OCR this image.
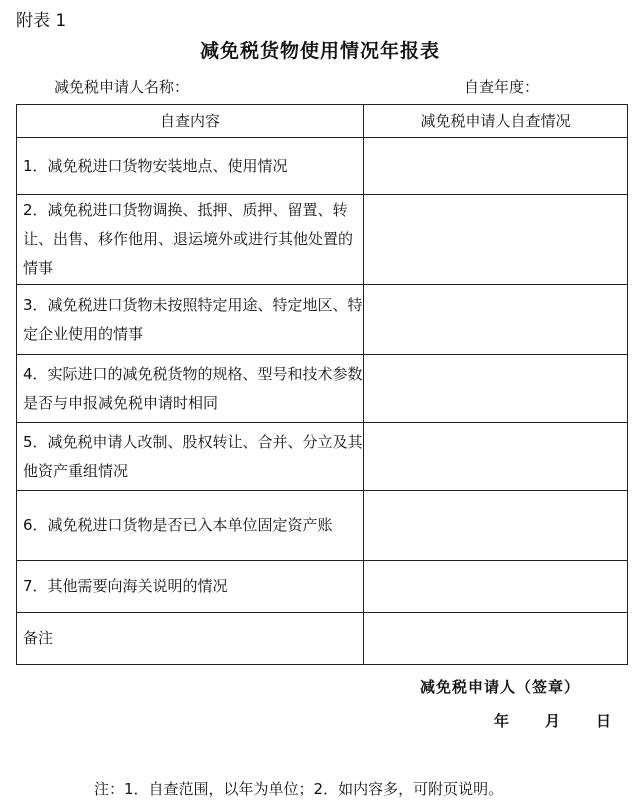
附表 1
减免税货物使用情况年报表
减免税申请人名称：	自查年度：
自查内容	减免税申请人自查情况
1．减免税进口货物安装地点、使用情况	
2．减免税进口货物调换、抵押、质押、留置、转让、出售、移作他用、退运境外或进行其他处置的情事	
3．减免税进口货物未按照特定用途、特定地区、特定企业使用的情事	
4．实际进口的减免税货物的规格、型号和技术参数是否与申报减免税申请时相同	
5．减免税申请人改制、股权转让、合并、分立及其他资产重组情况	
6．减免税进口货物是否已入本单位固定资产账	
7．其他需要向海关说明的情况	
备注	
减免税申请人（签章）
年 月 日
注：1．自查范围，以年为单位；2．如内容多，可附页说明。
